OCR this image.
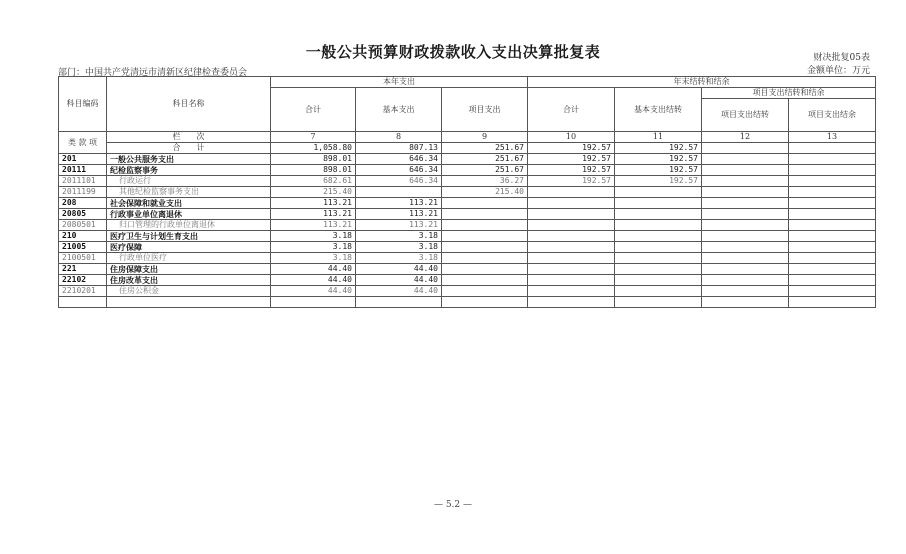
一般公共预算财政拨款收入支出决算批复表	财决批复05表
部门：中国共产党清远市清新区纪律检查委员会	金额单位：万元
科目编码	科目名称	本年支出			年末结转和结余			
		合计	基本支出	项目支出	合计	基本支出结转	项目支出结转和结余	
							项目支出结转	项目支出结余
类 款 项	栏　　次	7	8	9	10	11	12	13
	合　　计	1,058.80	807.13	251.67	192.57	192.57		
201	一般公共服务支出	898.01	646.34	251.67	192.57	192.57		
20111	纪检监察事务	898.01	646.34	251.67	192.57	192.57		
2011101	行政运行	682.61	646.34	36.27	192.57	192.57		
2011199	其他纪检监察事务支出	215.40		215.40				
208	社会保障和就业支出	113.21	113.21					
20805	行政事业单位离退休	113.21	113.21					
2080501	归口管理的行政单位离退休	113.21	113.21					
210	医疗卫生与计划生育支出	3.18	3.18					
21005	医疗保障	3.18	3.18					
2100501	行政单位医疗	3.18	3.18					
221	住房保障支出	44.40	44.40					
22102	住房改革支出	44.40	44.40					
2210201	住房公积金	44.40	44.40					

— 5.2 —
